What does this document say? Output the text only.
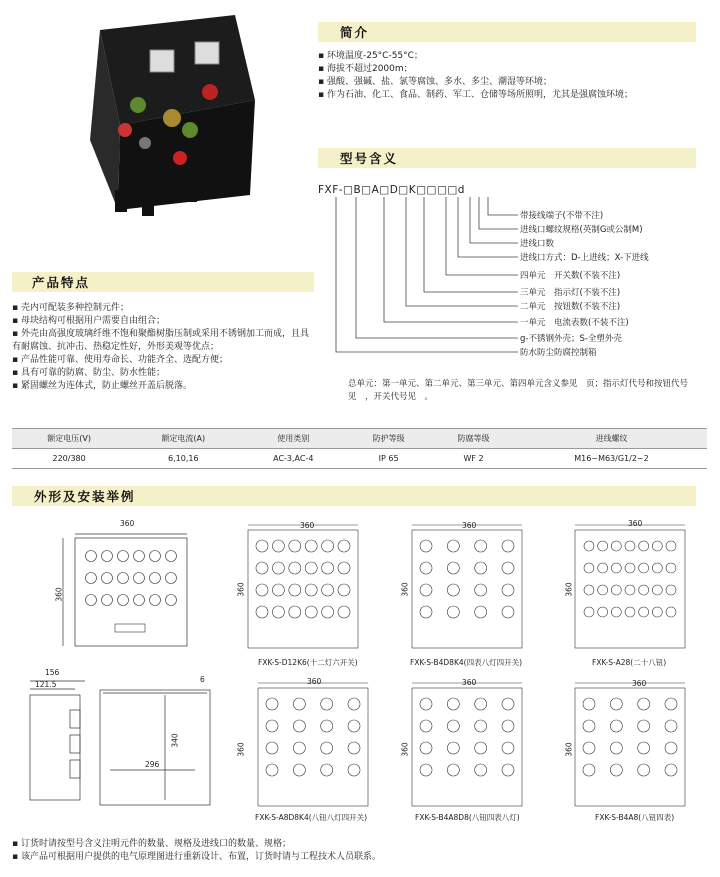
简介
▪ 环境温度-25°C-55°C；
▪ 海拔不超过2000m；
▪ 强酸、强碱、盐、氯等腐蚀、多水、多尘、潮湿等环境；
▪ 作为石油、化工、食品、制药、军工、仓储等场所照明，尤其是强腐蚀环境；
型号含义
FXF-□B□A□D□K□□□□d
带接线端子(不带不注)
进线口螺纹规格(英制G或公制M)
进线口数
进线口方式：D-上进线；X-下进线
四单元　开关数(不装不注)
三单元　指示灯(不装不注)
二单元　按钮数(不装不注)
一单元　电流表数(不装不注)
g-不锈钢外壳；S-全塑外壳
防水防尘防腐控制箱
总单元：第一单元、第二单元、第三单元、第四单元含义参见　页；指示灯代号和按钮代号见　，开关代号见　。
产品特点
▪ 壳内可配装多种控制元件；
▪ 母块结构可根据用户需要自由组合；
▪ 外壳由高强度玻璃纤维不饱和聚酯树脂压制或采用不锈钢加工而成，且具有耐腐蚀、抗冲击、热稳定性好，外形美观等优点；
▪ 产品性能可靠、使用寿命长、功能齐全、选配方便；
▪ 具有可靠的防腐、防尘、防水性能；
▪ 紧固螺丝为连体式，防止螺丝开盖后脱落。
额定电压(V)	额定电流(A)	使用类别	防护等级	防腐等级	进线螺纹
220/380	6,10,16	AC-3,AC-4	IP 65	WF 2	M16~M63/G1/2~2
外形及安装举例
360
360
156
121.5
6
340
296
FXK-S-D12K6(十二灯六开关)	FXK-S-B4D8K4(四表八灯四开关)	FXK-S-A28(二十八钮)
FXK-S-A8D8K4(八钮八灯四开关)	FXK-S-B4A8D8(八钮四表八灯)	FXK-S-B4A8(八钮四表)
360	360	360
360	360	360
360	360	360
360	360	360
▪ 订货时请按型号含义注明元件的数量、规格及进线口的数量、规格；
▪ 该产品可根据用户提供的电气原理图进行重新设计、布置，订货时请与工程技术人员联系。
